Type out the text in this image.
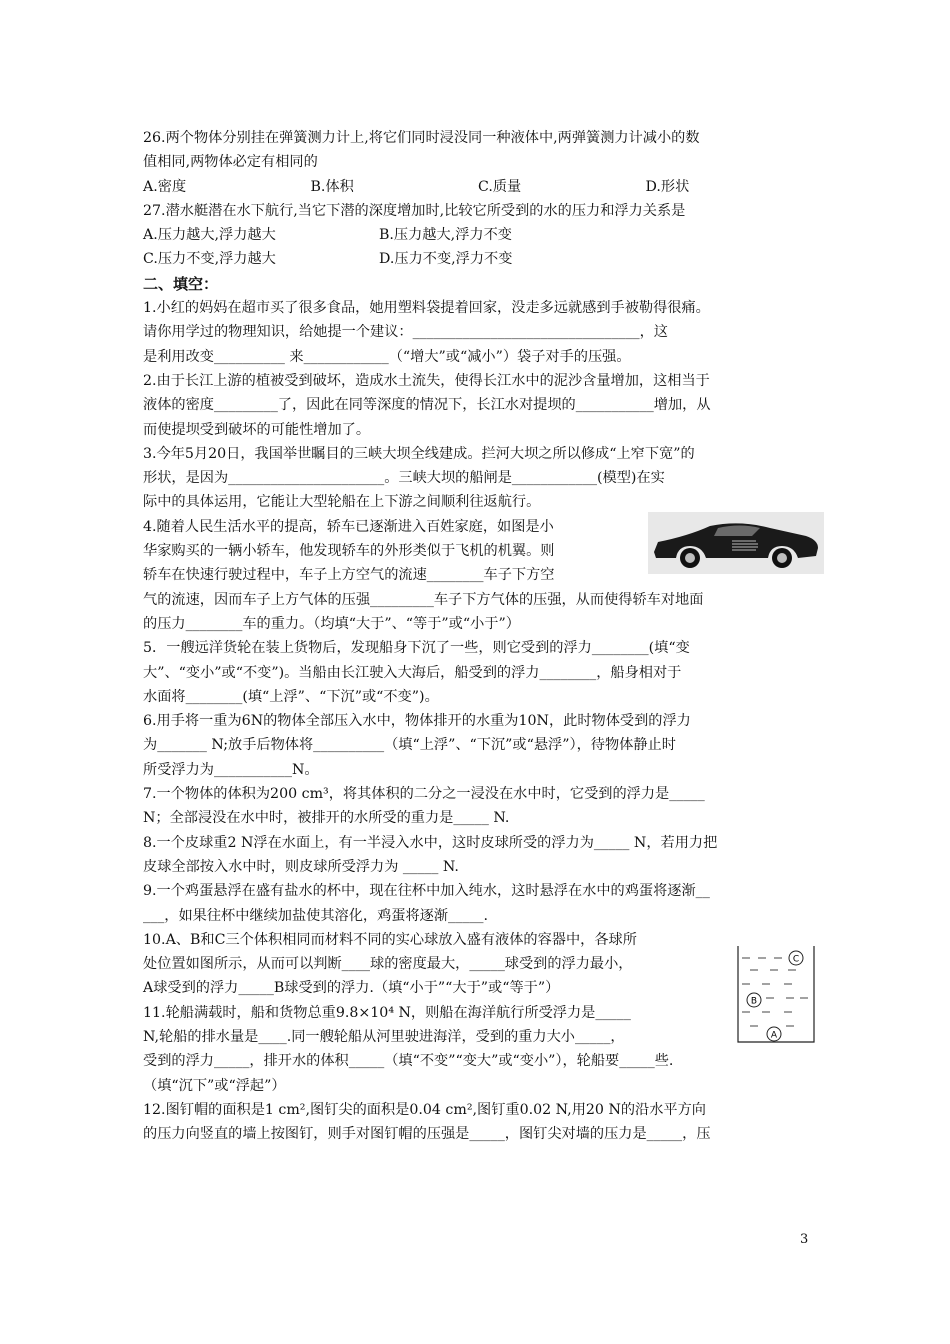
26.两个物体分别挂在弹簧测力计上,将它们同时浸没同一种液体中,两弹簧测力计减小的数
值相同,两物体必定有相同的
A.密度	B.体积	C.质量	D.形状
27.潜水艇潜在水下航行,当它下潜的深度增加时,比较它所受到的水的压力和浮力关系是
A.压力越大,浮力越大	B.压力越大,浮力不变
C.压力不变,浮力越大	D.压力不变,浮力不变
二、填空：
1.小红的妈妈在超市买了很多食品，她用塑料袋提着回家，没走多远就感到手被勒得很痛。
请你用学过的物理知识，给她提一个建议：________________________________，这
是利用改变__________ 来____________（“增大”或“减小”）袋子对手的压强。
2.由于长江上游的植被受到破坏，造成水土流失，使得长江水中的泥沙含量增加，这相当于
液体的密度_________了，因此在同等深度的情况下，长江水对提坝的___________增加，从
而使提坝受到破坏的可能性增加了。
3.今年5月20日，我国举世瞩目的三峡大坝全线建成。拦河大坝之所以修成“上窄下宽”的
形状，是因为______________________。三峡大坝的船闸是____________(模型)在实
际中的具体运用，它能让大型轮船在上下游之间顺利往返航行。
4.随着人民生活水平的提高，轿车已逐渐进入百姓家庭，如图是小
华家购买的一辆小轿车，他发现轿车的外形类似于飞机的机翼。则
轿车在快速行驶过程中，车子上方空气的流速________车子下方空
气的流速，因而车子上方气体的压强_________车子下方气体的压强，从而使得轿车对地面
的压力________车的重力。（均填“大于”、“等于”或“小于”）
5．一艘远洋货轮在装上货物后，发现船身下沉了一些，则它受到的浮力________(填“变
大”、“变小”或“不变”)。当船由长江驶入大海后，船受到的浮力________，船身相对于
水面将________(填“上浮”、“下沉”或“不变”)。
6.用手将一重为6N的物体全部压入水中，物体排开的水重为10N，此时物体受到的浮力
为_______ N;放手后物体将__________（填“上浮”、“下沉”或“悬浮”），待物体静止时
所受浮力为___________N。
7.一个物体的体积为200 cm³，将其体积的二分之一浸没在水中时，它受到的浮力是_____
N；全部浸没在水中时，被排开的水所受的重力是_____ N.
8.一个皮球重2 N浮在水面上，有一半浸入水中，这时皮球所受的浮力为_____ N，若用力把
皮球全部按入水中时，则皮球所受浮力为 _____ N.
9.一个鸡蛋悬浮在盛有盐水的杯中，现在往杯中加入纯水，这时悬浮在水中的鸡蛋将逐渐__
___，如果往杯中继续加盐使其溶化，鸡蛋将逐渐_____.
10.A、B和C三个体积相同而材料不同的实心球放入盛有液体的容器中，各球所
处位置如图所示，从而可以判断____球的密度最大，_____球受到的浮力最小，
A球受到的浮力_____B球受到的浮力.（填“小于”“大于”或“等于”）
11.轮船满载时，船和货物总重9.8×10⁴ N，则船在海洋航行所受浮力是_____
N,轮船的排水量是____.同一艘轮船从河里驶进海洋，受到的重力大小_____，
受到的浮力_____，排开水的体积_____（填“不变”“变大”或“变小”），轮船要_____些.
（填“沉下”或“浮起”）
12.图钉帽的面积是1 cm²,图钉尖的面积是0.04 cm²,图钉重0.02 N,用20 N的沿水平方向
的压力向竖直的墙上按图钉，则手对图钉帽的压强是_____，图钉尖对墙的压力是_____，压
C
B
A
3
